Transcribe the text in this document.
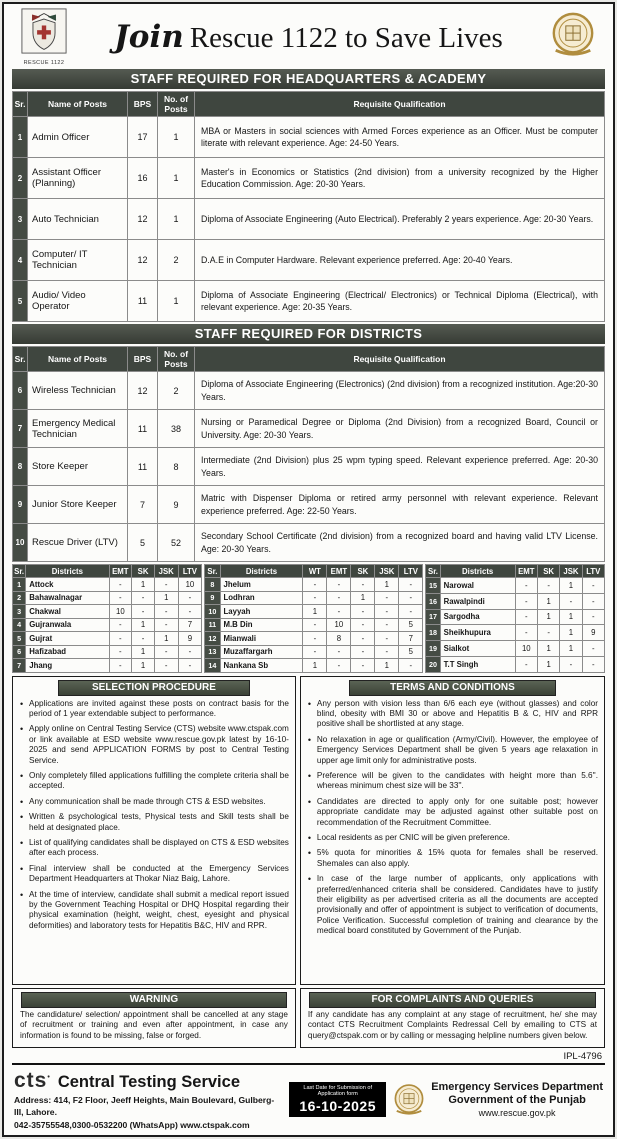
RESCUE 1122
Join Rescue 1122 to Save Lives
STAFF REQUIRED FOR HEADQUARTERS & ACADEMY
Sr.	Name of Posts	BPS	No. of Posts	Requisite Qualification
1	Admin Officer	17	1	MBA or Masters in social sciences with Armed Forces experience as an Officer. Must be computer literate with relevant experience. Age: 24-50 Years.
2	Assistant Officer (Planning)	16	1	Master's in Economics or Statistics (2nd division) from a university recognized by the Higher Education Commission. Age: 20-30 Years.
3	Auto Technician	12	1	Diploma of Associate Engineering (Auto Electrical). Preferably 2 years experience. Age: 20-30 Years.
4	Computer/ IT Technician	12	2	D.A.E in Computer Hardware. Relevant experience preferred. Age: 20-40 Years.
5	Audio/ Video Operator	11	1	Diploma of Associate Engineering (Electrical/ Electronics) or Technical Diploma (Electrical), with relevant experience. Age: 20-35 Years.
STAFF REQUIRED FOR DISTRICTS
Sr.	Name of Posts	BPS	No. of Posts	Requisite Qualification
6	Wireless Technician	12	2	Diploma of Associate Engineering (Electronics) (2nd division) from a recognized institution. Age:20-30 Years.
7	Emergency Medical Technician	11	38	Nursing or Paramedical Degree or Diploma (2nd Division) from a recognized Board, Council or University. Age: 20-30 Years.
8	Store Keeper	11	8	Intermediate (2nd Division) plus 25 wpm typing speed. Relevant experience preferred. Age: 20-30 Years.
9	Junior Store Keeper	7	9	Matric with Dispenser Diploma or retired army personnel with relevant experience. Relevant experience preferred. Age: 22-50 Years.
10	Rescue Driver (LTV)	5	52	Secondary School Certificate (2nd division) from a recognized board and having valid LTV License. Age: 20-30 Years.
Sr.	Districts	EMT	SK	JSK	LTV
1	Attock	-	1	-	10
2	Bahawalnagar	-	-	1	-
3	Chakwal	10	-	-	-
4	Gujranwala	-	1	-	7
5	Gujrat	-	-	1	9
6	Hafizabad	-	1	-	-
7	Jhang	-	1	-	-
Sr.	Districts	WT	EMT	SK	JSK	LTV
8	Jhelum	-	-	-	1	-
9	Lodhran	-	-	1	-	-
10	Layyah	1	-	-	-	-
11	M.B Din	-	10	-	-	5
12	Mianwali	-	8	-	-	7
13	Muzaffargarh	-	-	-	-	5
14	Nankana Sb	1	-	-	1	-
Sr.	Districts	EMT	SK	JSK	LTV
15	Narowal	-	-	1	-
16	Rawalpindi	-	1	-	-
17	Sargodha	-	1	1	-
18	Sheikhupura	-	-	1	9
19	Sialkot	10	1	1	-
20	T.T Singh	-	1	-	-
SELECTION PROCEDURE
• Applications are invited against these posts on contract basis for the period of 1 year extendable subject to performance.
• Apply online on Central Testing Service (CTS) website www.ctspak.com or link available at ESD website www.rescue.gov.pk latest by 16-10-2025 and send APPLICATION FORMS by post to Central Testing Service.
• Only completely filled applications fulfilling the complete criteria shall be accepted.
• Any communication shall be made through CTS & ESD websites.
• Written & psychological tests, Physical tests and Skill tests shall be held at designated place.
• List of qualifying candidates shall be displayed on CTS & ESD websites after each process.
• Final interview shall be conducted at the Emergency Services Department Headquarters at Thokar Niaz Baig, Lahore.
• At the time of interview, candidate shall submit a medical report issued by the Government Teaching Hospital or DHQ Hospital regarding their physical examination (height, weight, chest, eyesight and physical deformities) and laboratory tests for Hepatitis B&C, HIV and RPR.
WARNING

The candidature/ selection/ appointment shall be cancelled at any stage of recruitment or training and even after appointment, in case any information is found to be missing, false or forged.

TERMS AND CONDITIONS
• Any person with vision less than 6/6 each eye (without glasses) and color blind, obesity with BMI 30 or above and Hepatitis B & C, HIV and RPR positive shall be shortlisted at any stage.
• No relaxation in age or qualification (Army/Civil). However, the employee of Emergency Services Department shall be given 5 years age relaxation in upper age limit only for administrative posts.
• Preference will be given to the candidates with height more than 5.6''. whereas minimum chest size will be 33''.
• Candidates are directed to apply only for one suitable post; however appropriate candidate may be adjusted against other suitable post on recommendation of the Recruitment Committee.
• Local residents as per CNIC will be given preference.
• 5% quota for minorities & 15% quota for females shall be reserved. Shemales can also apply.
• In case of the large number of applicants, only applications with preferred/enhanced criteria shall be considered. Candidates have to justify their eligibility as per advertised criteria as all the documents are accepted provisionally and offer of appointment is subject to verification of documents, Police Verification. Successful completion of training and clearance by the medical board constituted by Government of the Punjab.
FOR COMPLAINTS AND QUERIES

If any candidate has any complaint at any stage of recruitment, he/ she may contact CTS Recruitment Complaints Redressal Cell by emailing to CTS at query@ctspak.com or by calling or messaging helpline numbers given below.

IPL-4796
cts• Central Testing Service
Address: 414, F2 Floor, Jeeff Heights, Main Boulevard, Gulberg-III, Lahore.
042-35755548,0300-0532200 (WhatsApp) www.ctspak.com
Last Date for Submission of Application form
16-10-2025
Emergency Services Department
Government of the Punjab
www.rescue.gov.pk
